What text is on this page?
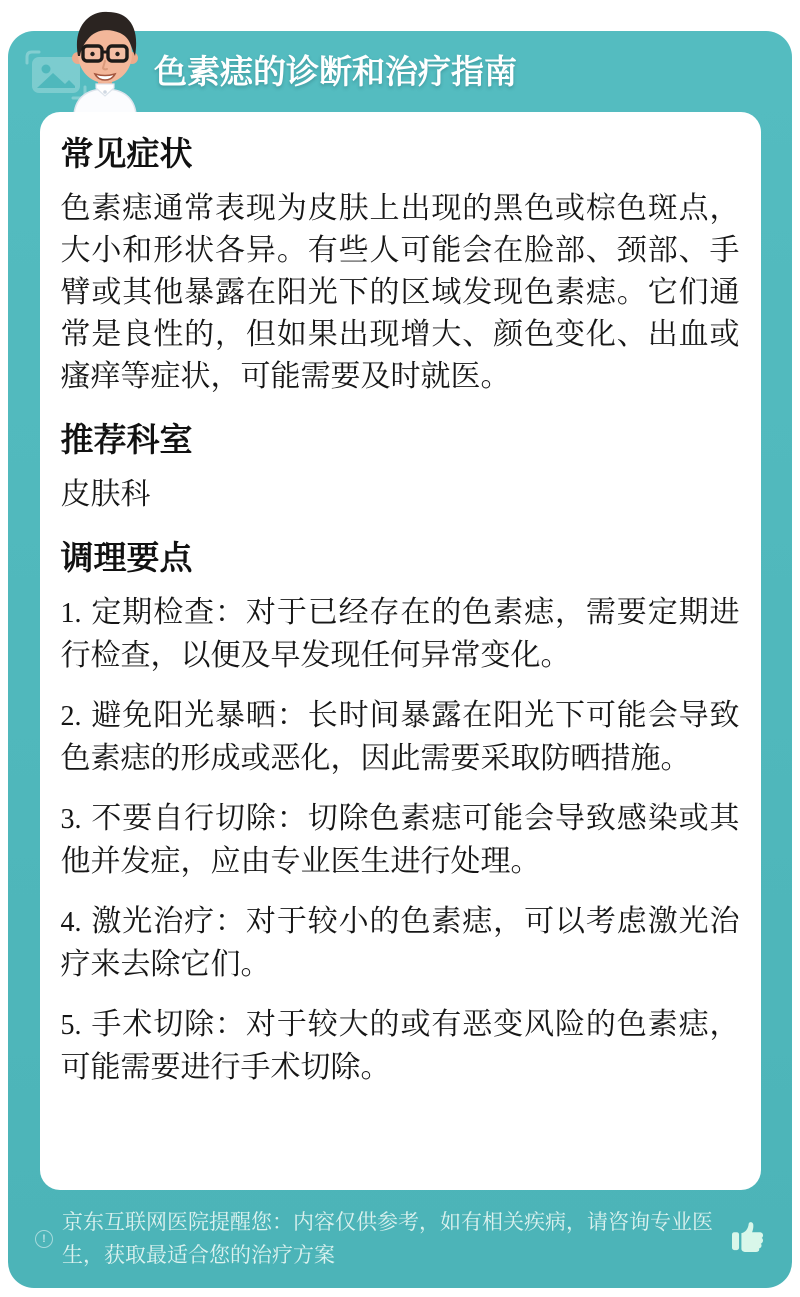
色素痣的诊断和治疗指南
常见症状

色素痣通常表现为皮肤上出现的黑色或棕色斑点，大小和形状各异。有些人可能会在脸部、颈部、手臂或其他暴露在阳光下的区域发现色素痣。它们通常是良性的，但如果出现增大、颜色变化、出血或瘙痒等症状，可能需要及时就医。

推荐科室

皮肤科

调理要点

1. 定期检查：对于已经存在的色素痣，需要定期进行检查，以便及早发现任何异常变化。

2. 避免阳光暴晒：长时间暴露在阳光下可能会导致色素痣的形成或恶化，因此需要采取防晒措施。

3. 不要自行切除：切除色素痣可能会导致感染或其他并发症，应由专业医生进行处理。

4. 激光治疗：对于较小的色素痣，可以考虑激光治疗来去除它们。

5. 手术切除：对于较大的或有恶变风险的色素痣，可能需要进行手术切除。

!

京东互联网医院提醒您：内容仅供参考，如有相关疾病，请咨询专业医生，获取最适合您的治疗方案
